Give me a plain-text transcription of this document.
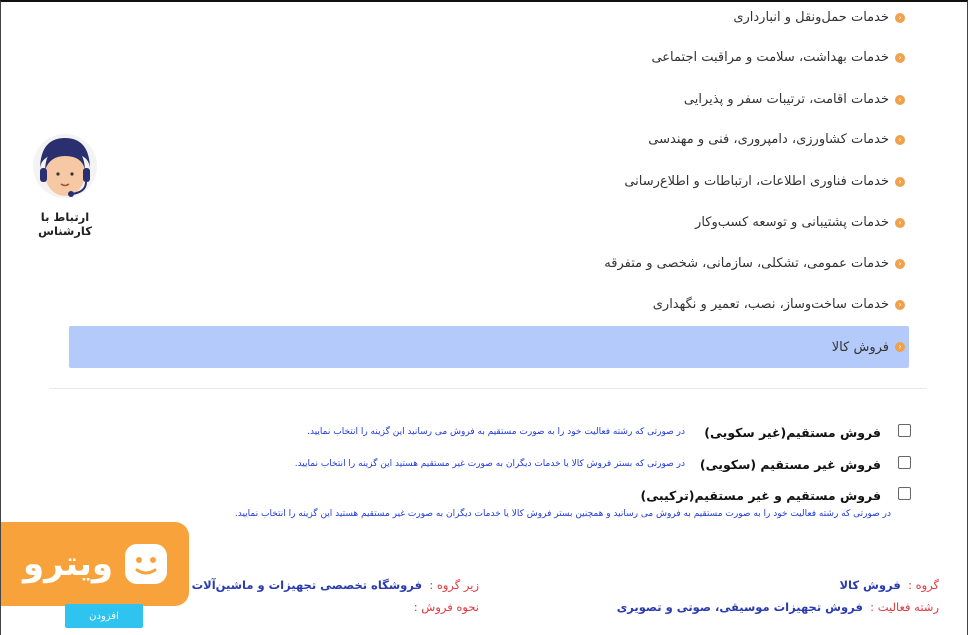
‹
خدمات حمل‌ونقل و انبارداری
‹
خدمات بهداشت، سلامت و مراقبت اجتماعی
‹
خدمات اقامت، ترتیبات سفر و پذیرایی
‹
خدمات کشاورزی، دامپروری، فنی و مهندسی
‹
خدمات فناوری اطلاعات، ارتباطات و اطلاع‌رسانی
‹
خدمات پشتیبانی و توسعه کسب‌وکار
‹
خدمات عمومی، تشکلی، سازمانی، شخصی و متفرقه
‹
خدمات ساخت‌وساز، نصب، تعمیر و نگهداری
‹
فروش کالا
فروش مستقیم(غیر سکویی)
در صورتی که رشته فعالیت خود را به صورت مستقیم به فروش می رسانید این گزینه را انتخاب نمایید.
فروش غیر مستقیم (سکویی)
در صورتی که بستر فروش کالا یا خدمات دیگران به صورت غیر مستقیم هستید این گزینه را انتخاب نمایید.
فروش مستقیم و غیر مستقیم(ترکیبی)
در صورتی که رشته فعالیت خود را به صورت مستقیم به فروش می رسانید و همچنین بستر فروش کالا یا خدمات دیگران به صورت غیر مستقیم هستید این گزینه را انتخاب نمایید.
ارتباط با کارشناس
ویترو
گروه :  فروش کالا
رشته فعالیت :  فروش تجهیزات موسیقی، صوتی و تصویری
زیر گروه :  فروشگاه تخصصی تجهیزات و ماشین‌آلات
نحوه فروش :
افزودن
